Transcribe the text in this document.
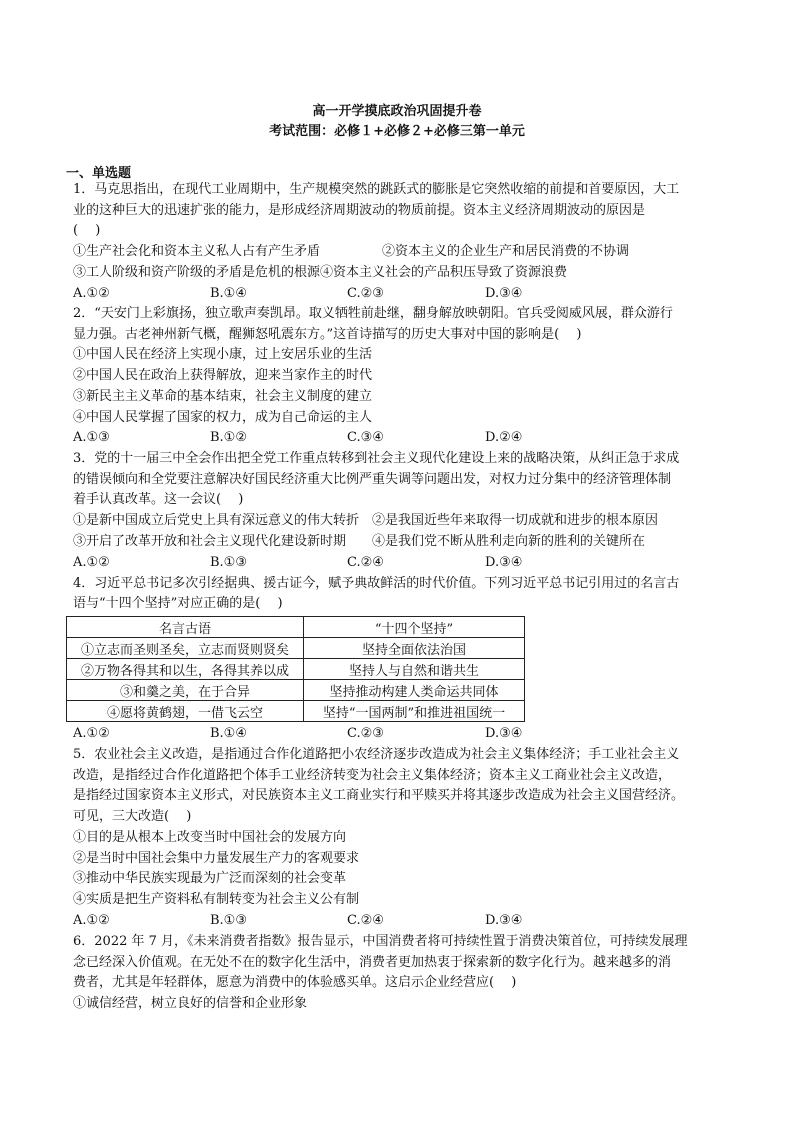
高一开学摸底政治巩固提升卷
考试范围：必修１+必修２+必修三第一单元
一、单选题
1．马克思指出，在现代工业周期中，生产规模突然的跳跃式的膨胀是它突然收缩的前提和首要原因，大工
业的这种巨大的迅速扩张的能力，是形成经济周期波动的物质前提。资本主义经济周期波动的原因是
(　 )
①生产社会化和资本主义私人占有产生矛盾	②资本主义的企业生产和居民消费的不协调
③工人阶级和资产阶级的矛盾是危机的根源④资本主义社会的产品积压导致了资源浪费
A.①②	B.①④	C.②③	D.③④
2．“天安门上彩旗扬，独立歌声奏凯昂。取义牺牲前赴继，翻身解放映朝阳。官兵受阅威风展，群众游行
显力强。古老神州新气概，醒狮怒吼震东方。”这首诗描写的历史大事对中国的影响是(　 )
①中国人民在经济上实现小康，过上安居乐业的生活
②中国人民在政治上获得解放，迎来当家作主的时代
③新民主主义革命的基本结束，社会主义制度的建立
④中国人民掌握了国家的权力，成为自己命运的主人
A.①③	B.①②	C.③④	D.②④
3．党的十一届三中全会作出把全党工作重点转移到社会主义现代化建设上来的战略决策，从纠正急于求成
的错误倾向和全党要注意解决好国民经济重大比例严重失调等问题出发，对权力过分集中的经济管理体制
着手认真改革。这一会议(　 )
①是新中国成立后党史上具有深远意义的伟大转折　②是我国近些年来取得一切成就和进步的根本原因
③开启了改革开放和社会主义现代化建设新时期　　④是我们党不断从胜利走向新的胜利的关键所在
A.①②	B.①③	C.②④	D.③④
4．习近平总书记多次引经据典、援古证今，赋予典故鲜活的时代价值。下列习近平总书记引用过的名言古
语与“十四个坚持”对应正确的是(　 )
名言古语	“十四个坚持”
①立志而圣则圣矣，立志而贤则贤矣	坚持全面依法治国
②万物各得其和以生，各得其养以成	坚持人与自然和谐共生
③和羹之美，在于合异	坚持推动构建人类命运共同体
④愿将黄鹤翅，一借飞云空	坚持“一国两制”和推进祖国统一
A.①②	B.①④	C.②③	D.③④
5．农业社会主义改造，是指通过合作化道路把小农经济逐步改造成为社会主义集体经济；手工业社会主义
改造，是指经过合作化道路把个体手工业经济转变为社会主义集体经济；资本主义工商业社会主义改造，
是指经过国家资本主义形式，对民族资本主义工商业实行和平赎买并将其逐步改造成为社会主义国营经济。
可见，三大改造(　 )
①目的是从根本上改变当时中国社会的发展方向
②是当时中国社会集中力量发展生产力的客观要求
③推动中华民族实现最为广泛而深刻的社会变革
④实质是把生产资料私有制转变为社会主义公有制
A.①②	B.①③	C.②④	D.③④
6．2022 年 7 月，《未来消费者指数》报告显示，中国消费者将可持续性置于消费决策首位，可持续发展理
念已经深入价值观。在无处不在的数字化生活中，消费者更加热衷于探索新的数字化行为。越来越多的消
费者，尤其是年轻群体，愿意为消费中的体验感买单。这启示企业经营应(　 )
①诚信经营，树立良好的信誉和企业形象
